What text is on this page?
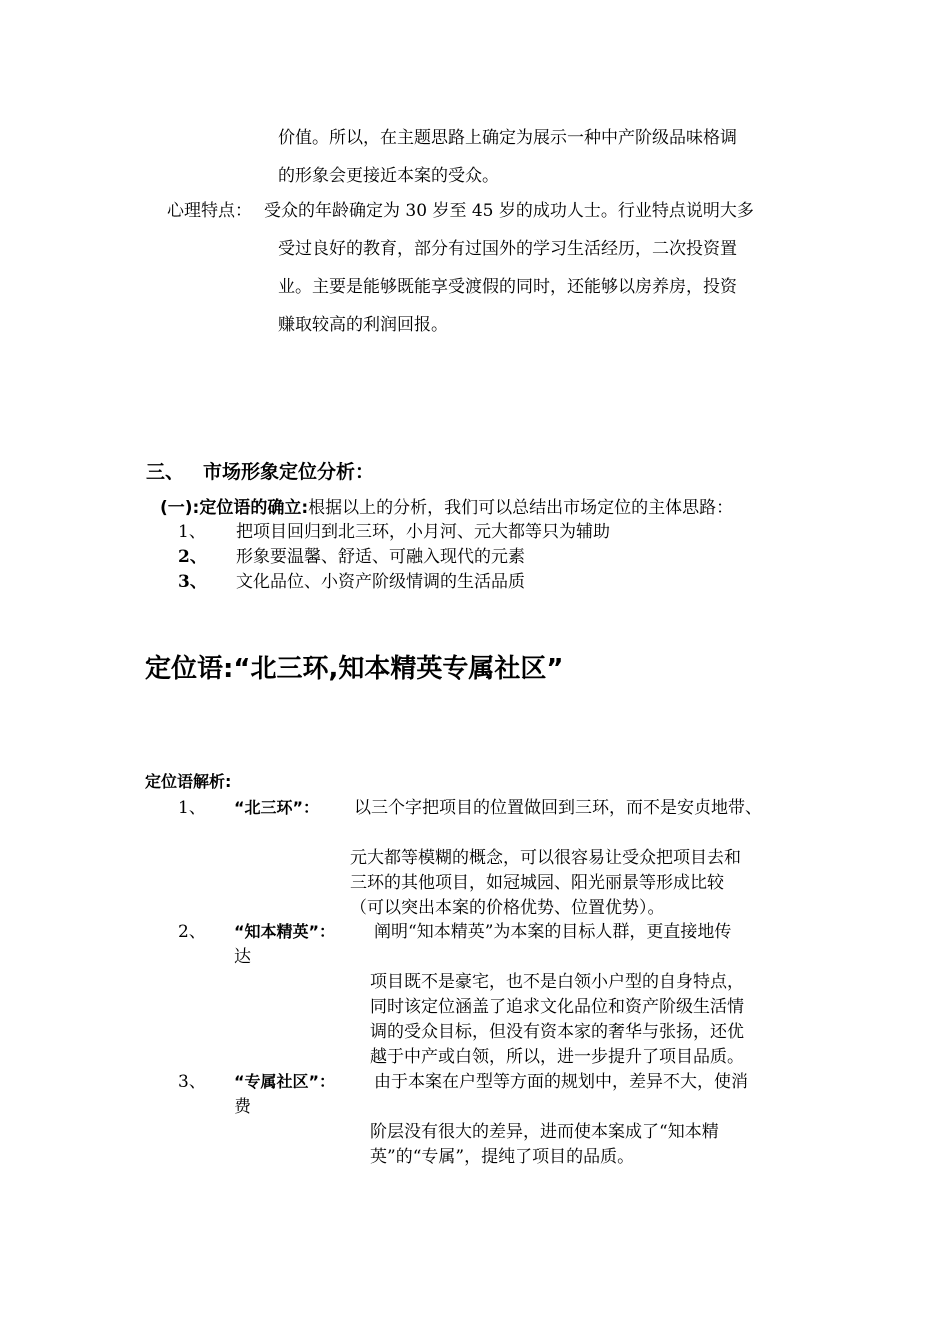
价值。所以，在主题思路上确定为展示一种中产阶级品味格调
的形象会更接近本案的受众。
心理特点： 受众的年龄确定为 30 岁至 45 岁的成功人士。行业特点说明大多
受过良好的教育，部分有过国外的学习生活经历，二次投资置
业。主要是能够既能享受渡假的同时，还能够以房养房，投资
赚取较高的利润回报。
三、 市场形象定位分析：
(一):定位语的确立:根据以上的分析，我们可以总结出市场定位的主体思路：
1、 把项目回归到北三环，小月河、元大都等只为辅助
2、 形象要温馨、舒适、可融入现代的元素
3、 文化品位、小资产阶级情调的生活品质
定位语:“北三环,知本精英专属社区”
定位语解析:
1、 “北三环”： 以三个字把项目的位置做回到三环，而不是安贞地带、
元大都等模糊的概念，可以很容易让受众把项目去和
三环的其他项目，如冠城园、阳光丽景等形成比较
（可以突出本案的价格优势、位置优势）。
2、 “知本精英”： 阐明“知本精英”为本案的目标人群，更直接地传
达
项目既不是豪宅，也不是白领小户型的自身特点，
同时该定位涵盖了追求文化品位和资产阶级生活情
调的受众目标，但没有资本家的奢华与张扬，还优
越于中产或白领，所以，进一步提升了项目品质。
3、 “专属社区”： 由于本案在户型等方面的规划中，差异不大，使消
费
阶层没有很大的差异，进而使本案成了“知本精
英”的“专属”，提纯了项目的品质。
